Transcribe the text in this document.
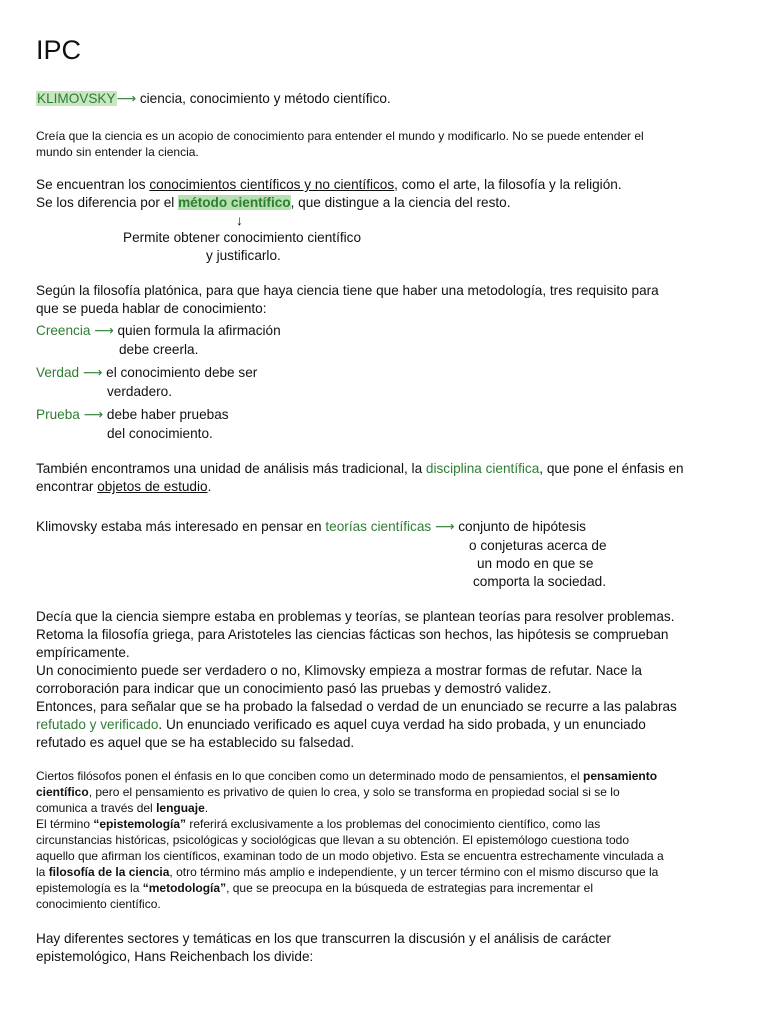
IPC
KLIMOVSKY⟶ ciencia, conocimiento y método científico.
Creía que la ciencia es un acopio de conocimiento para entender el mundo y modificarlo. No se puede entender el
mundo sin entender la ciencia.
Se encuentran los conocimientos científicos y no científicos, como el arte, la filosofía y la religión.
Se los diferencia por el método científico, que distingue a la ciencia del resto.
↓
Permite obtener conocimiento científico
y justificarlo.
Según la filosofía platónica, para que haya ciencia tiene que haber una metodología, tres requisito para
que se pueda hablar de conocimiento:
Creencia ⟶ quien formula la afirmación
debe creerla.
Verdad ⟶ el conocimiento debe ser
verdadero.
Prueba ⟶ debe haber pruebas
del conocimiento.
También encontramos una unidad de análisis más tradicional, la disciplina científica, que pone el énfasis en
encontrar objetos de estudio.
Klimovsky estaba más interesado en pensar en teorías científicas ⟶ conjunto de hipótesis
o conjeturas acerca de
un modo en que se
comporta la sociedad.
Decía que la ciencia siempre estaba en problemas y teorías, se plantean teorías para resolver problemas.
Retoma la filosofía griega, para Aristoteles las ciencias fácticas son hechos, las hipótesis se comprueban
empíricamente.
Un conocimiento puede ser verdadero o no, Klimovsky empieza a mostrar formas de refutar. Nace la
corroboración para indicar que un conocimiento pasó las pruebas y demostró validez.
Entonces, para señalar que se ha probado la falsedad o verdad de un enunciado se recurre a las palabras
refutado y verificado. Un enunciado verificado es aquel cuya verdad ha sido probada, y un enunciado
refutado es aquel que se ha establecido su falsedad.
Ciertos filósofos ponen el énfasis en lo que conciben como un determinado modo de pensamientos, el pensamiento
científico, pero el pensamiento es privativo de quien lo crea, y solo se transforma en propiedad social si se lo
comunica a través del lenguaje.
El término “epistemología” referirá exclusivamente a los problemas del conocimiento científico, como las
circunstancias históricas, psicológicas y sociológicas que llevan a su obtención. El epistemólogo cuestiona todo
aquello que afirman los científicos, examinan todo de un modo objetivo. Esta se encuentra estrechamente vinculada a
la filosofía de la ciencia, otro término más amplio e independiente, y un tercer término con el mismo discurso que la
epistemología es la “metodología”, que se preocupa en la búsqueda de estrategias para incrementar el
conocimiento científico.
Hay diferentes sectores y temáticas en los que transcurren la discusión y el análisis de carácter
epistemológico, Hans Reichenbach los divide:
